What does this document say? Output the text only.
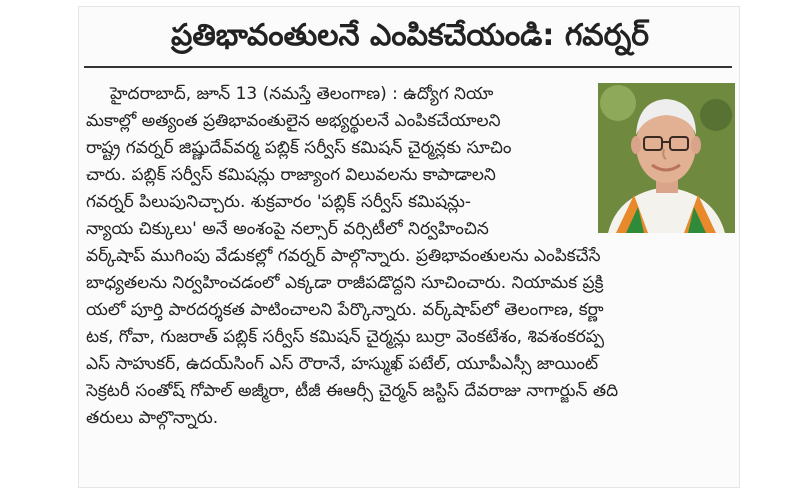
ప్రతిభావంతులనే ఎంపికచేయండి: గవర్నర్
హైదరాబాద్, జూన్ 13 (నమస్తే తెలంగాణ) : ఉద్యోగ నియా
మకాల్లో అత్యంత ప్రతిభావంతులైన అభ్యర్థులనే ఎంపికచేయాలని
రాష్ట్ర గవర్నర్ జిష్ణుదేవ్‌వర్మ పబ్లిక్ సర్వీస్ కమిషన్ చైర్మన్లకు సూచిం
చారు. పబ్లిక్ సర్వీస్ కమిషన్లు రాజ్యాంగ విలువలను కాపాడాలని
గవర్నర్ పిలుపునిచ్చారు. శుక్రవారం 'పబ్లిక్ సర్వీస్ కమిషన్లు-
న్యాయ చిక్కులు' అనే అంశంపై నల్సార్ వర్సిటీలో నిర్వహించిన
వర్క్‌షాప్ ముగింపు వేడుకల్లో గవర్నర్ పాల్గొన్నారు. ప్రతిభావంతులను ఎంపికచేసే
బాధ్యతలను నిర్వహించడంలో ఎక్కడా రాజీపడొద్దని సూచించారు. నియామక ప్రక్రి
యలో పూర్తి పారదర్శకత పాటించాలని పేర్కొన్నారు. వర్క్‌షాప్‌లో తెలంగాణ, కర్ణా
టక, గోవా, గుజరాత్ పబ్లిక్ సర్వీస్ కమిషన్ చైర్మన్లు బుర్రా వెంకటేశం, శివశంకరప్ప
ఎస్ సాహుకర్, ఉదయ్‌సింగ్ ఎస్ రౌరానే, హస్ముఖ్ పటేల్, యూపీఎస్సీ జాయింట్
సెక్రటరీ సంతోష్ గోపాల్ అజ్మీరా, టీజీ ఈఆర్సీ చైర్మన్ జస్టిస్ దేవరాజు నాగార్జున్ తది
తరులు పాల్గొన్నారు.
